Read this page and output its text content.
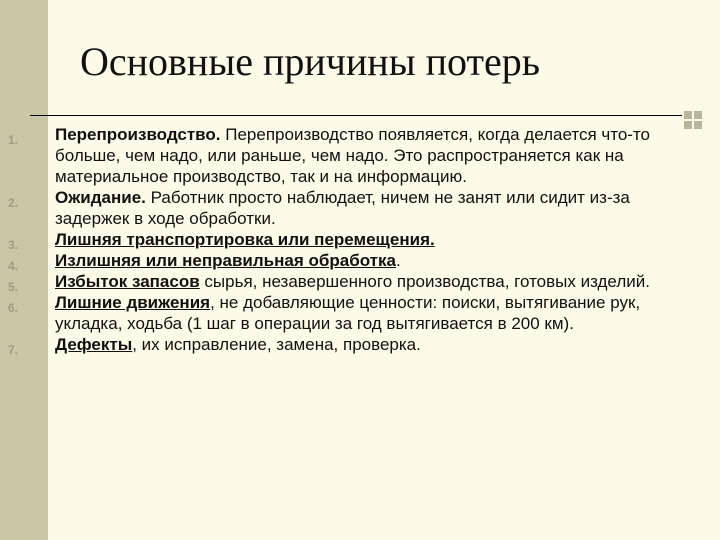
Основные причины потерь
1. Перепроизводство. Перепроизводство появляется, когда делается что-то больше, чем надо, или раньше, чем надо. Это распространяется как на материальное производство, так и на информацию.
2. Ожидание. Работник просто наблюдает, ничем не занят или сидит из-за задержек в ходе обработки.
3. Лишняя транспортировка или перемещения.
4. Излишняя или неправильная обработка.
5. Избыток запасов сырья, незавершенного производства, готовых изделий.
6. Лишние движения, не добавляющие ценности: поиски, вытягивание рук, укладка, ходьба (1 шаг в операции за год вытягивается в 200 км).
7. Дефекты, их исправление, замена, проверка.
